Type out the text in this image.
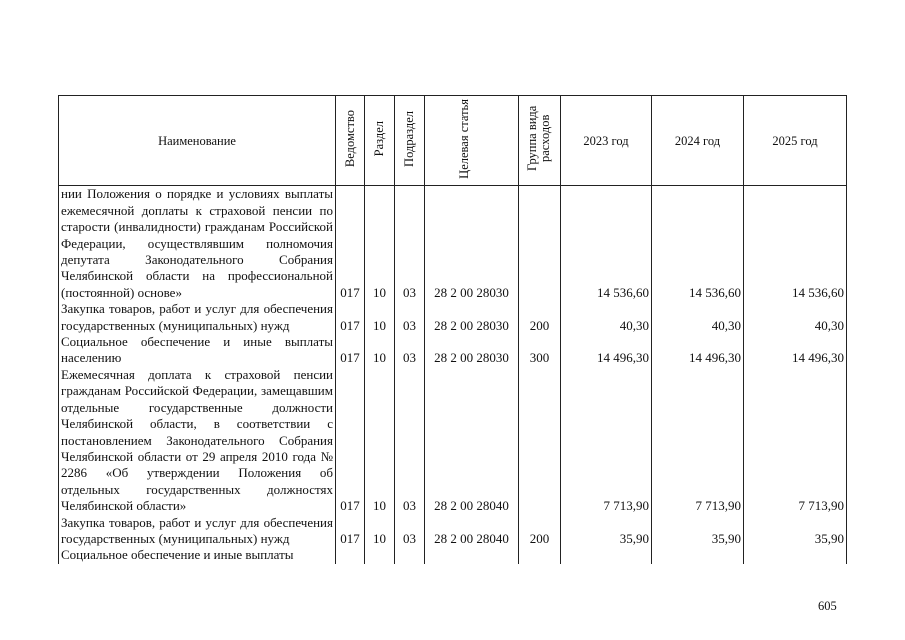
Наименование	Ведомство	Раздел	Подраздел	Целевая статья	Группа вида расходов	2023 год	2024 год	2025 год
нии Положения о порядке и условиях выплаты ежемесячной доплаты к страховой пенсии по старости (инвалидности) гражданам Российской Федерации, осуществлявшим полномочия депутата Законодательного Собрания Челябинской области на профессиональной (постоянной) основе»	017	10	03	28 2 00 28030		14 536,60	14 536,60	14 536,60
Закупка товаров, работ и услуг для обеспечения государственных (муниципальных) нужд	017	10	03	28 2 00 28030	200	40,30	40,30	40,30
Социальное обеспечение и иные выплаты населению	017	10	03	28 2 00 28030	300	14 496,30	14 496,30	14 496,30
Ежемесячная доплата к страховой пенсии гражданам Российской Федерации, замещавшим отдельные государственные должности Челябинской области, в соответствии с постановлением Законодательного Собрания Челябинской области от 29 апреля 2010 года № 2286 «Об утверждении Положения об отдельных государственных должностях Челябинской области»	017	10	03	28 2 00 28040		7 713,90	7 713,90	7 713,90
Закупка товаров, работ и услуг для обеспечения государственных (муниципальных) нужд	017	10	03	28 2 00 28040	200	35,90	35,90	35,90
Социальное обеспечение и иные выплаты								
605
